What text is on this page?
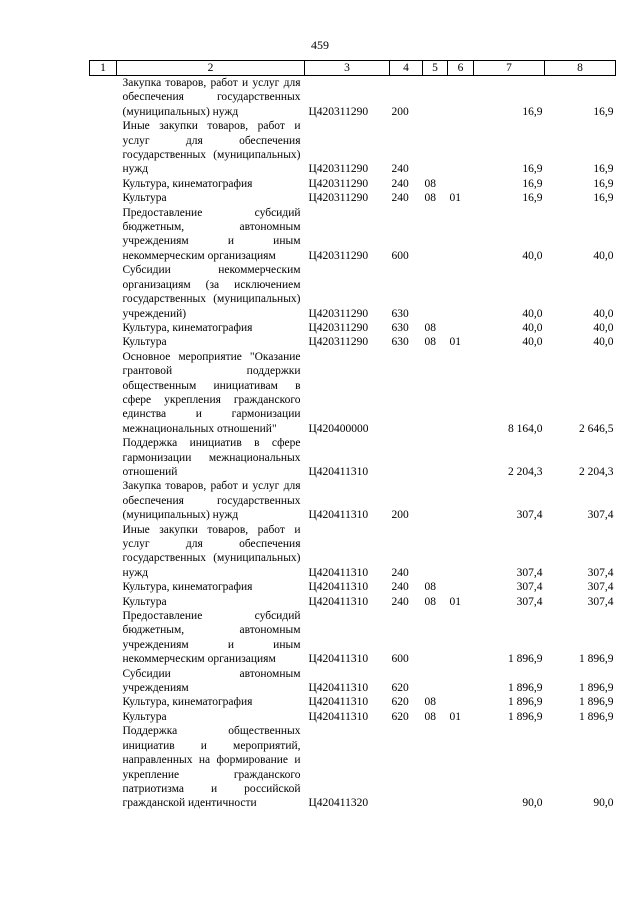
459
1	2	3	4	5	6	7	8
	Закупка товаров, работ и услуг для обеспечения государственных (муниципальных) нужд	Ц420311290	200			16,9	16,9
	Иные закупки товаров, работ и услуг для обеспечения государственных (муниципальных) нужд	Ц420311290	240			16,9	16,9
	Культура, кинематография	Ц420311290	240	08		16,9	16,9
	Культура	Ц420311290	240	08	01	16,9	16,9
	Предоставление субсидий бюджетным, автономным учреждениям и иным некоммерческим организациям	Ц420311290	600			40,0	40,0
	Субсидии некоммерческим организациям (за исключением государственных (муниципальных) учреждений)	Ц420311290	630			40,0	40,0
	Культура, кинематография	Ц420311290	630	08		40,0	40,0
	Культура	Ц420311290	630	08	01	40,0	40,0
	Основное мероприятие "Оказание грантовой поддержки общественным инициативам в сфере укрепления гражданского единства и гармонизации межнациональных отношений"	Ц420400000				8 164,0	2 646,5
	Поддержка инициатив в сфере гармонизации межнациональных отношений	Ц420411310				2 204,3	2 204,3
	Закупка товаров, работ и услуг для обеспечения государственных (муниципальных) нужд	Ц420411310	200			307,4	307,4
	Иные закупки товаров, работ и услуг для обеспечения государственных (муниципальных) нужд	Ц420411310	240			307,4	307,4
	Культура, кинематография	Ц420411310	240	08		307,4	307,4
	Культура	Ц420411310	240	08	01	307,4	307,4
	Предоставление субсидий бюджетным, автономным учреждениям и иным некоммерческим организациям	Ц420411310	600			1 896,9	1 896,9
	Субсидии автономным учреждениям	Ц420411310	620			1 896,9	1 896,9
	Культура, кинематография	Ц420411310	620	08		1 896,9	1 896,9
	Культура	Ц420411310	620	08	01	1 896,9	1 896,9
	Поддержка общественных инициатив и мероприятий, направленных на формирование и укрепление гражданского патриотизма и российской гражданской идентичности	Ц420411320				90,0	90,0
